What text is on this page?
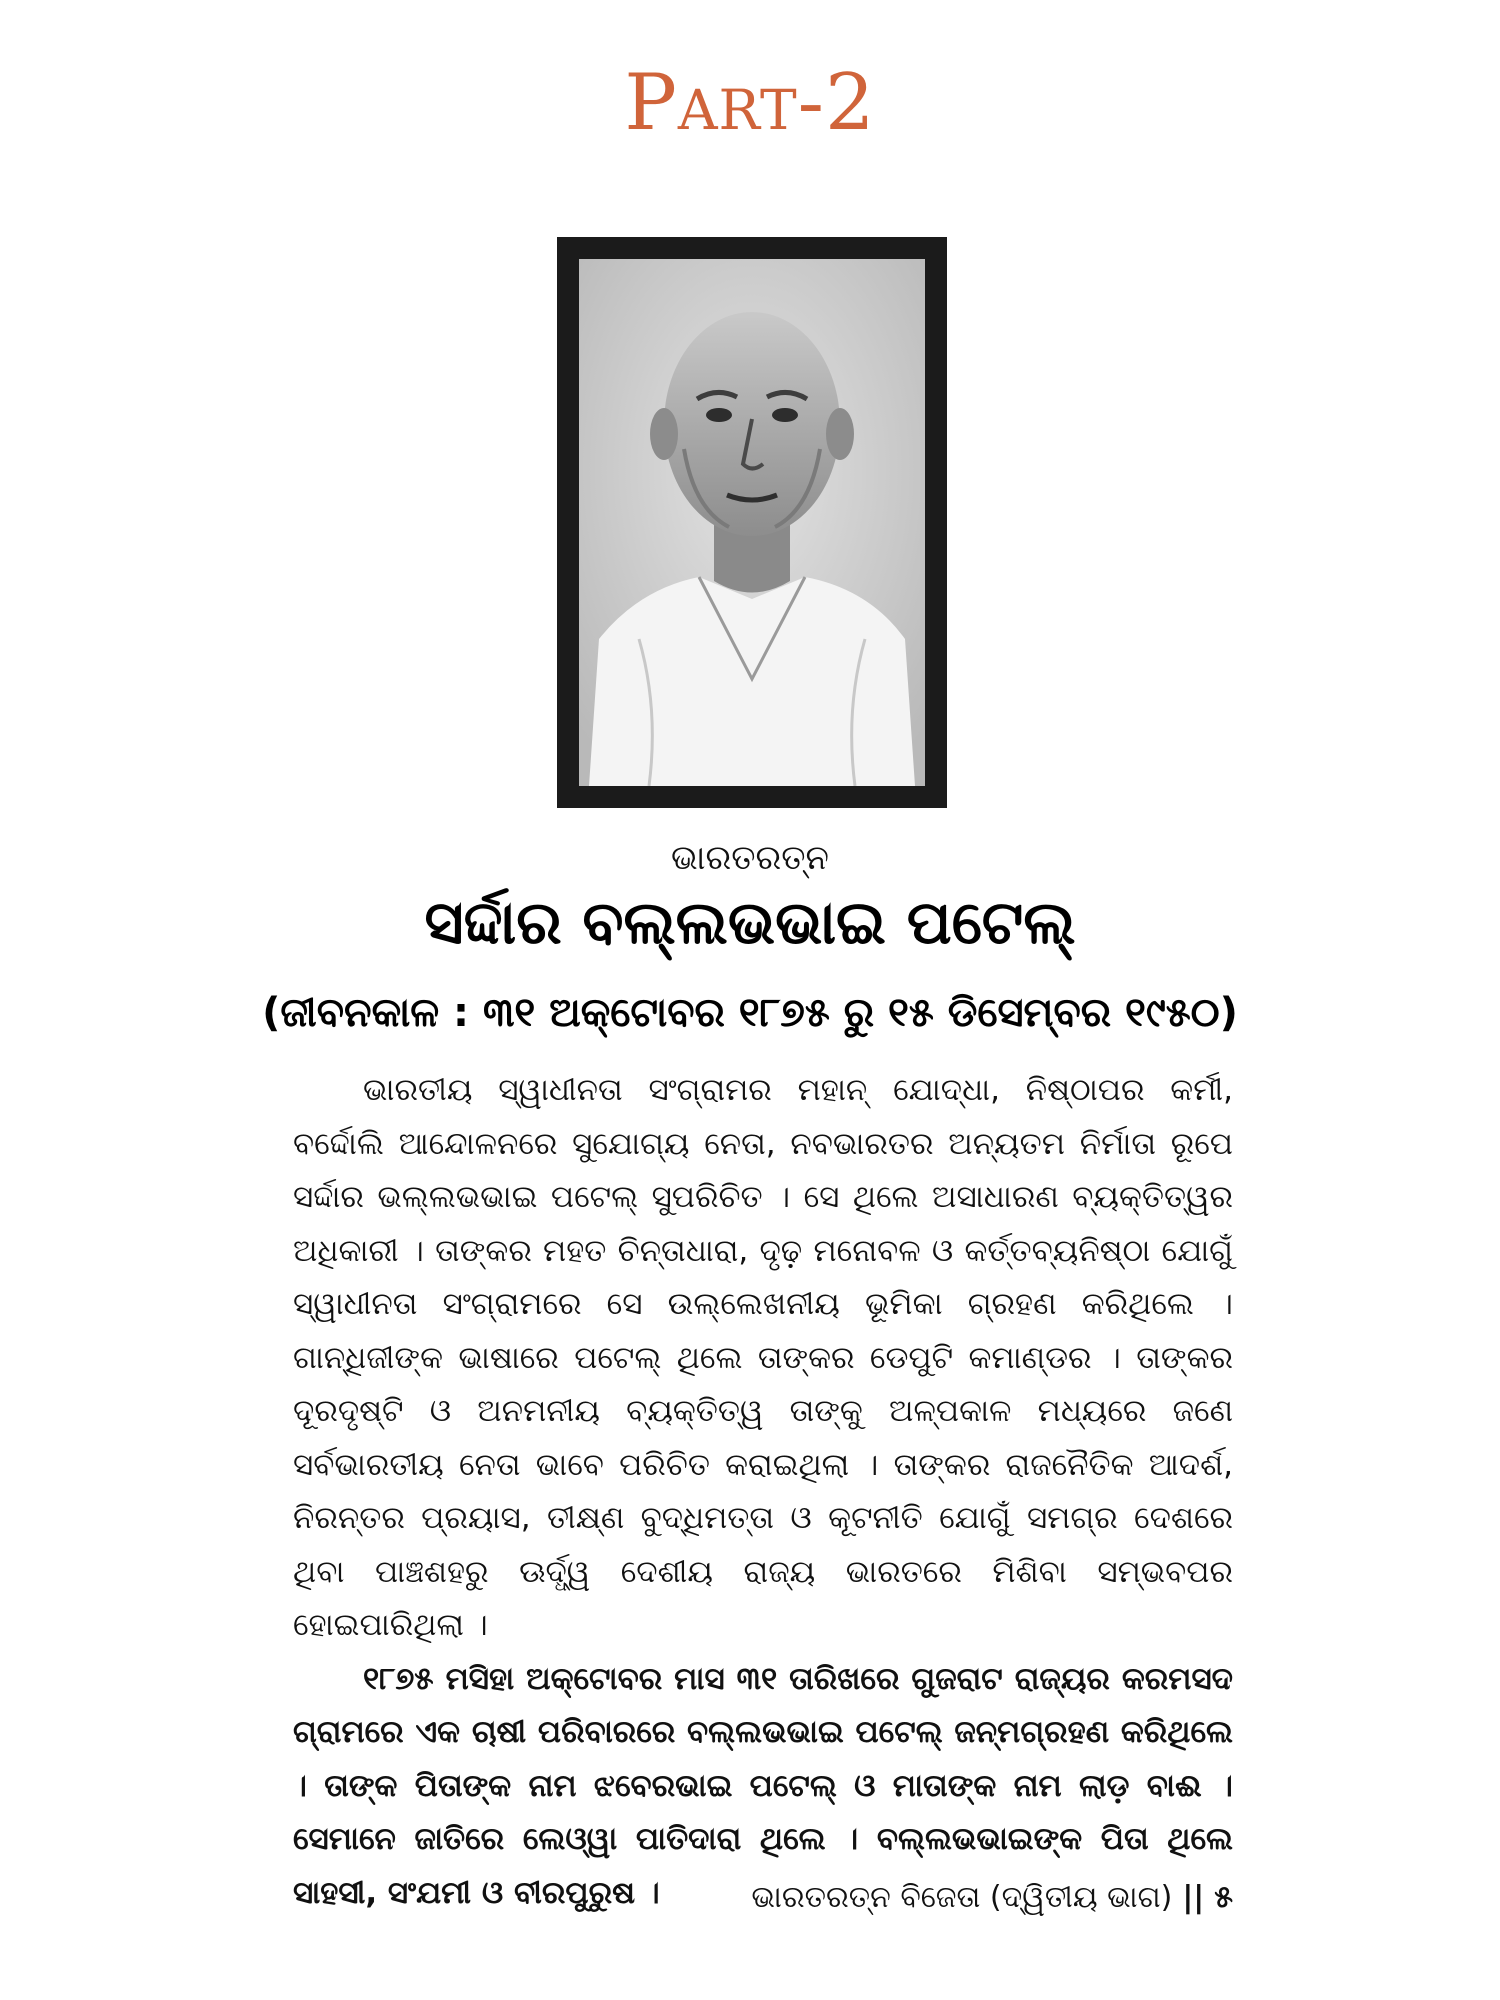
Part-2
ଭାରତରତ୍ନ
ସର୍ଦ୍ଦାର ବଲ୍ଲଭଭାଇ ପଟେଲ୍
(ଜୀବନକାଳ : ୩୧ ଅକ୍ଟୋବର ୧୮୭୫ ରୁ ୧୫ ଡିସେମ୍ବର ୧୯୫୦)

ଭାରତୀୟ ସ୍ୱାଧୀନତା ସଂଗ୍ରାମର ମହାନ୍ ଯୋଦ୍ଧା, ନିଷ୍ଠାପର କର୍ମୀ, ବର୍ଦ୍ଦୋଲି ଆନ୍ଦୋଳନରେ ସୁଯୋଗ୍ୟ ନେତା, ନବଭାରତର ଅନ୍ୟତମ ନିର୍ମାତା ରୂପେ ସର୍ଦ୍ଦାର ଭଲ୍ଲଭଭାଇ ପଟେଲ୍ ସୁପରିଚିତ । ସେ ଥିଲେ ଅସାଧାରଣ ବ୍ୟକ୍ତିତ୍ୱର ଅଧିକାରୀ । ତାଙ୍କର ମହତ ଚିନ୍ତାଧାରା, ଦୃଢ଼ ମନୋବଳ ଓ କର୍ତ୍ତବ୍ୟନିଷ୍ଠା ଯୋଗୁଁ ସ୍ୱାଧୀନତା ସଂଗ୍ରାମରେ ସେ ଉଲ୍ଲେଖନୀୟ ଭୂମିକା ଗ୍ରହଣ କରିଥିଲେ । ଗାନ୍ଧିଜୀଙ୍କ ଭାଷାରେ ପଟେଲ୍ ଥିଲେ ତାଙ୍କର ଡେପୁଟି କମାଣ୍ଡର । ତାଙ୍କର ଦୂରଦୃଷ୍ଟି ଓ ଅନମନୀୟ ବ୍ୟକ୍ତିତ୍ୱ ତାଙ୍କୁ ଅଳ୍ପକାଳ ମଧ୍ୟରେ ଜଣେ ସର୍ବଭାରତୀୟ ନେତା ଭାବେ ପରିଚିତ କରାଇଥିଲା । ତାଙ୍କର ରାଜନୈତିକ ଆଦର୍ଶ, ନିରନ୍ତର ପ୍ରୟାସ, ତୀକ୍ଷ୍ଣ ବୁଦ୍ଧିମତ୍ତା ଓ କୂଟନୀତି ଯୋଗୁଁ ସମଗ୍ର ଦେଶରେ ଥିବା ପାଞ୍ଚଶହରୁ ଊର୍ଦ୍ଧ୍ୱ ଦେଶୀୟ ରାଜ୍ୟ ଭାରତରେ ମିଶିବା ସମ୍ଭବପର ହୋଇପାରିଥିଲା ।

୧୮୭୫ ମସିହା ଅକ୍ଟୋବର ମାସ ୩୧ ତାରିଖରେ ଗୁଜରାଟ ରାଜ୍ୟର କରମସଦ ଗ୍ରାମରେ ଏକ ଚାଷୀ ପରିବାରରେ ବଲ୍ଲଭଭାଇ ପଟେଲ୍ ଜନ୍ମଗ୍ରହଣ କରିଥିଲେ । ତାଙ୍କ ପିତାଙ୍କ ନାମ ଝବେରଭାଇ ପଟେଲ୍ ଓ ମାତାଙ୍କ ନାମ ଲାଡ଼ ବାଈ । ସେମାନେ ଜାତିରେ ଲେଓ୍ୱା ପାତିଦାରା ଥିଲେ । ବଲ୍ଲଭଭାଇଙ୍କ ପିତା ଥିଲେ ସାହସୀ, ସଂଯମୀ ଓ ବୀରପୁରୁଷ ।	ଭାରତରତ୍ନ ବିଜେତା (ଦ୍ୱିତୀୟ ଭାଗ) || ୫
